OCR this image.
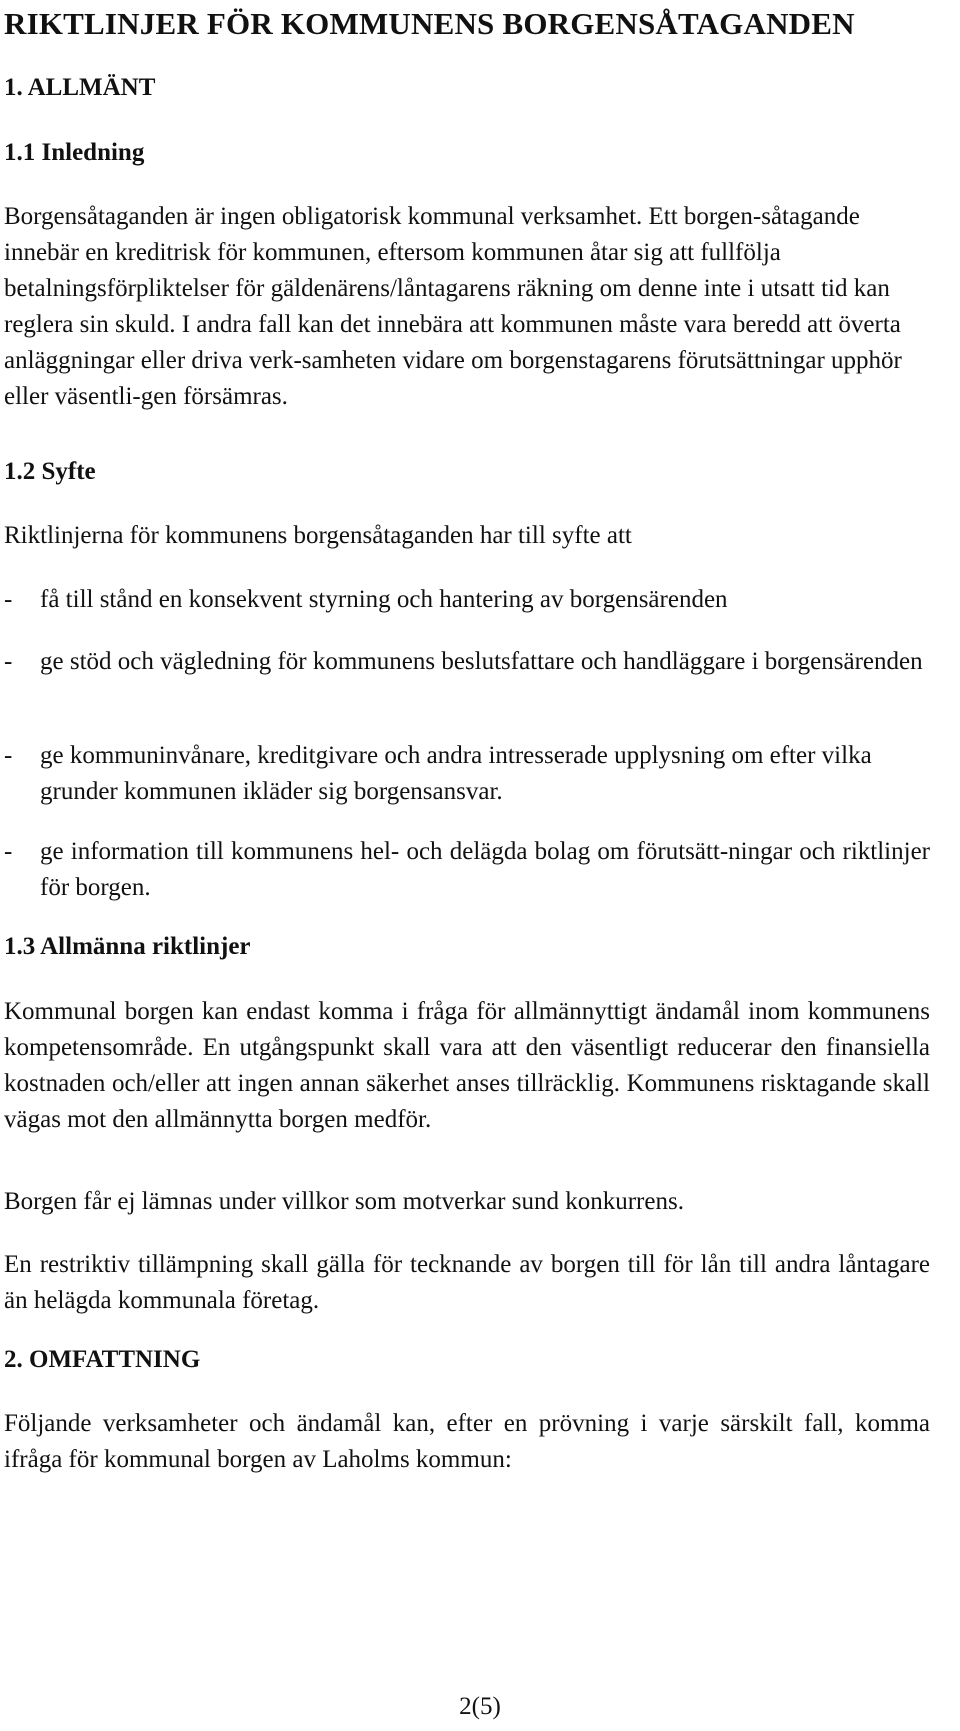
RIKTLINJER FÖR KOMMUNENS BORGENSÅTAGANDEN
1. ALLMÄNT
1.1 Inledning

Borgensåtaganden är ingen obligatorisk kommunal verksamhet. Ett borgen-såtagande innebär en kreditrisk för kommunen, eftersom kommunen åtar sig att fullfölja betalningsförpliktelser för gäldenärens/låntagarens räkning om denne inte i utsatt tid kan reglera sin skuld. I andra fall kan det innebära att kommunen måste vara beredd att överta anläggningar eller driva verk-samheten vidare om borgenstagarens förutsättningar upphör eller väsentli-gen försämras.

1.2 Syfte

Riktlinjerna för kommunens borgensåtaganden har till syfte att

-	få till stånd en konsekvent styrning och hantering av borgensärenden

-	ge stöd och vägledning för kommunens beslutsfattare och handläggare i borgensärenden

-	ge kommuninvånare, kreditgivare och andra intresserade upplysning om efter vilka grunder kommunen ikläder sig borgensansvar.

-	ge information till kommunens hel- och delägda bolag om förutsätt-ningar och riktlinjer för borgen.

1.3 Allmänna riktlinjer

Kommunal borgen kan endast komma i fråga för allmännyttigt ändamål inom kommunens kompetensområde. En utgångspunkt skall vara att den väsentligt reducerar den finansiella kostnaden och/eller att ingen annan säkerhet anses tillräcklig. Kommunens risktagande skall vägas mot den allmännytta borgen medför.

Borgen får ej lämnas under villkor som motverkar sund konkurrens.

En restriktiv tillämpning skall gälla för tecknande av borgen till för lån till andra låntagare än helägda kommunala företag.

2. OMFATTNING

Följande verksamheter och ändamål kan, efter en prövning i varje särskilt fall, komma ifråga för kommunal borgen av Laholms kommun:

2(5)
